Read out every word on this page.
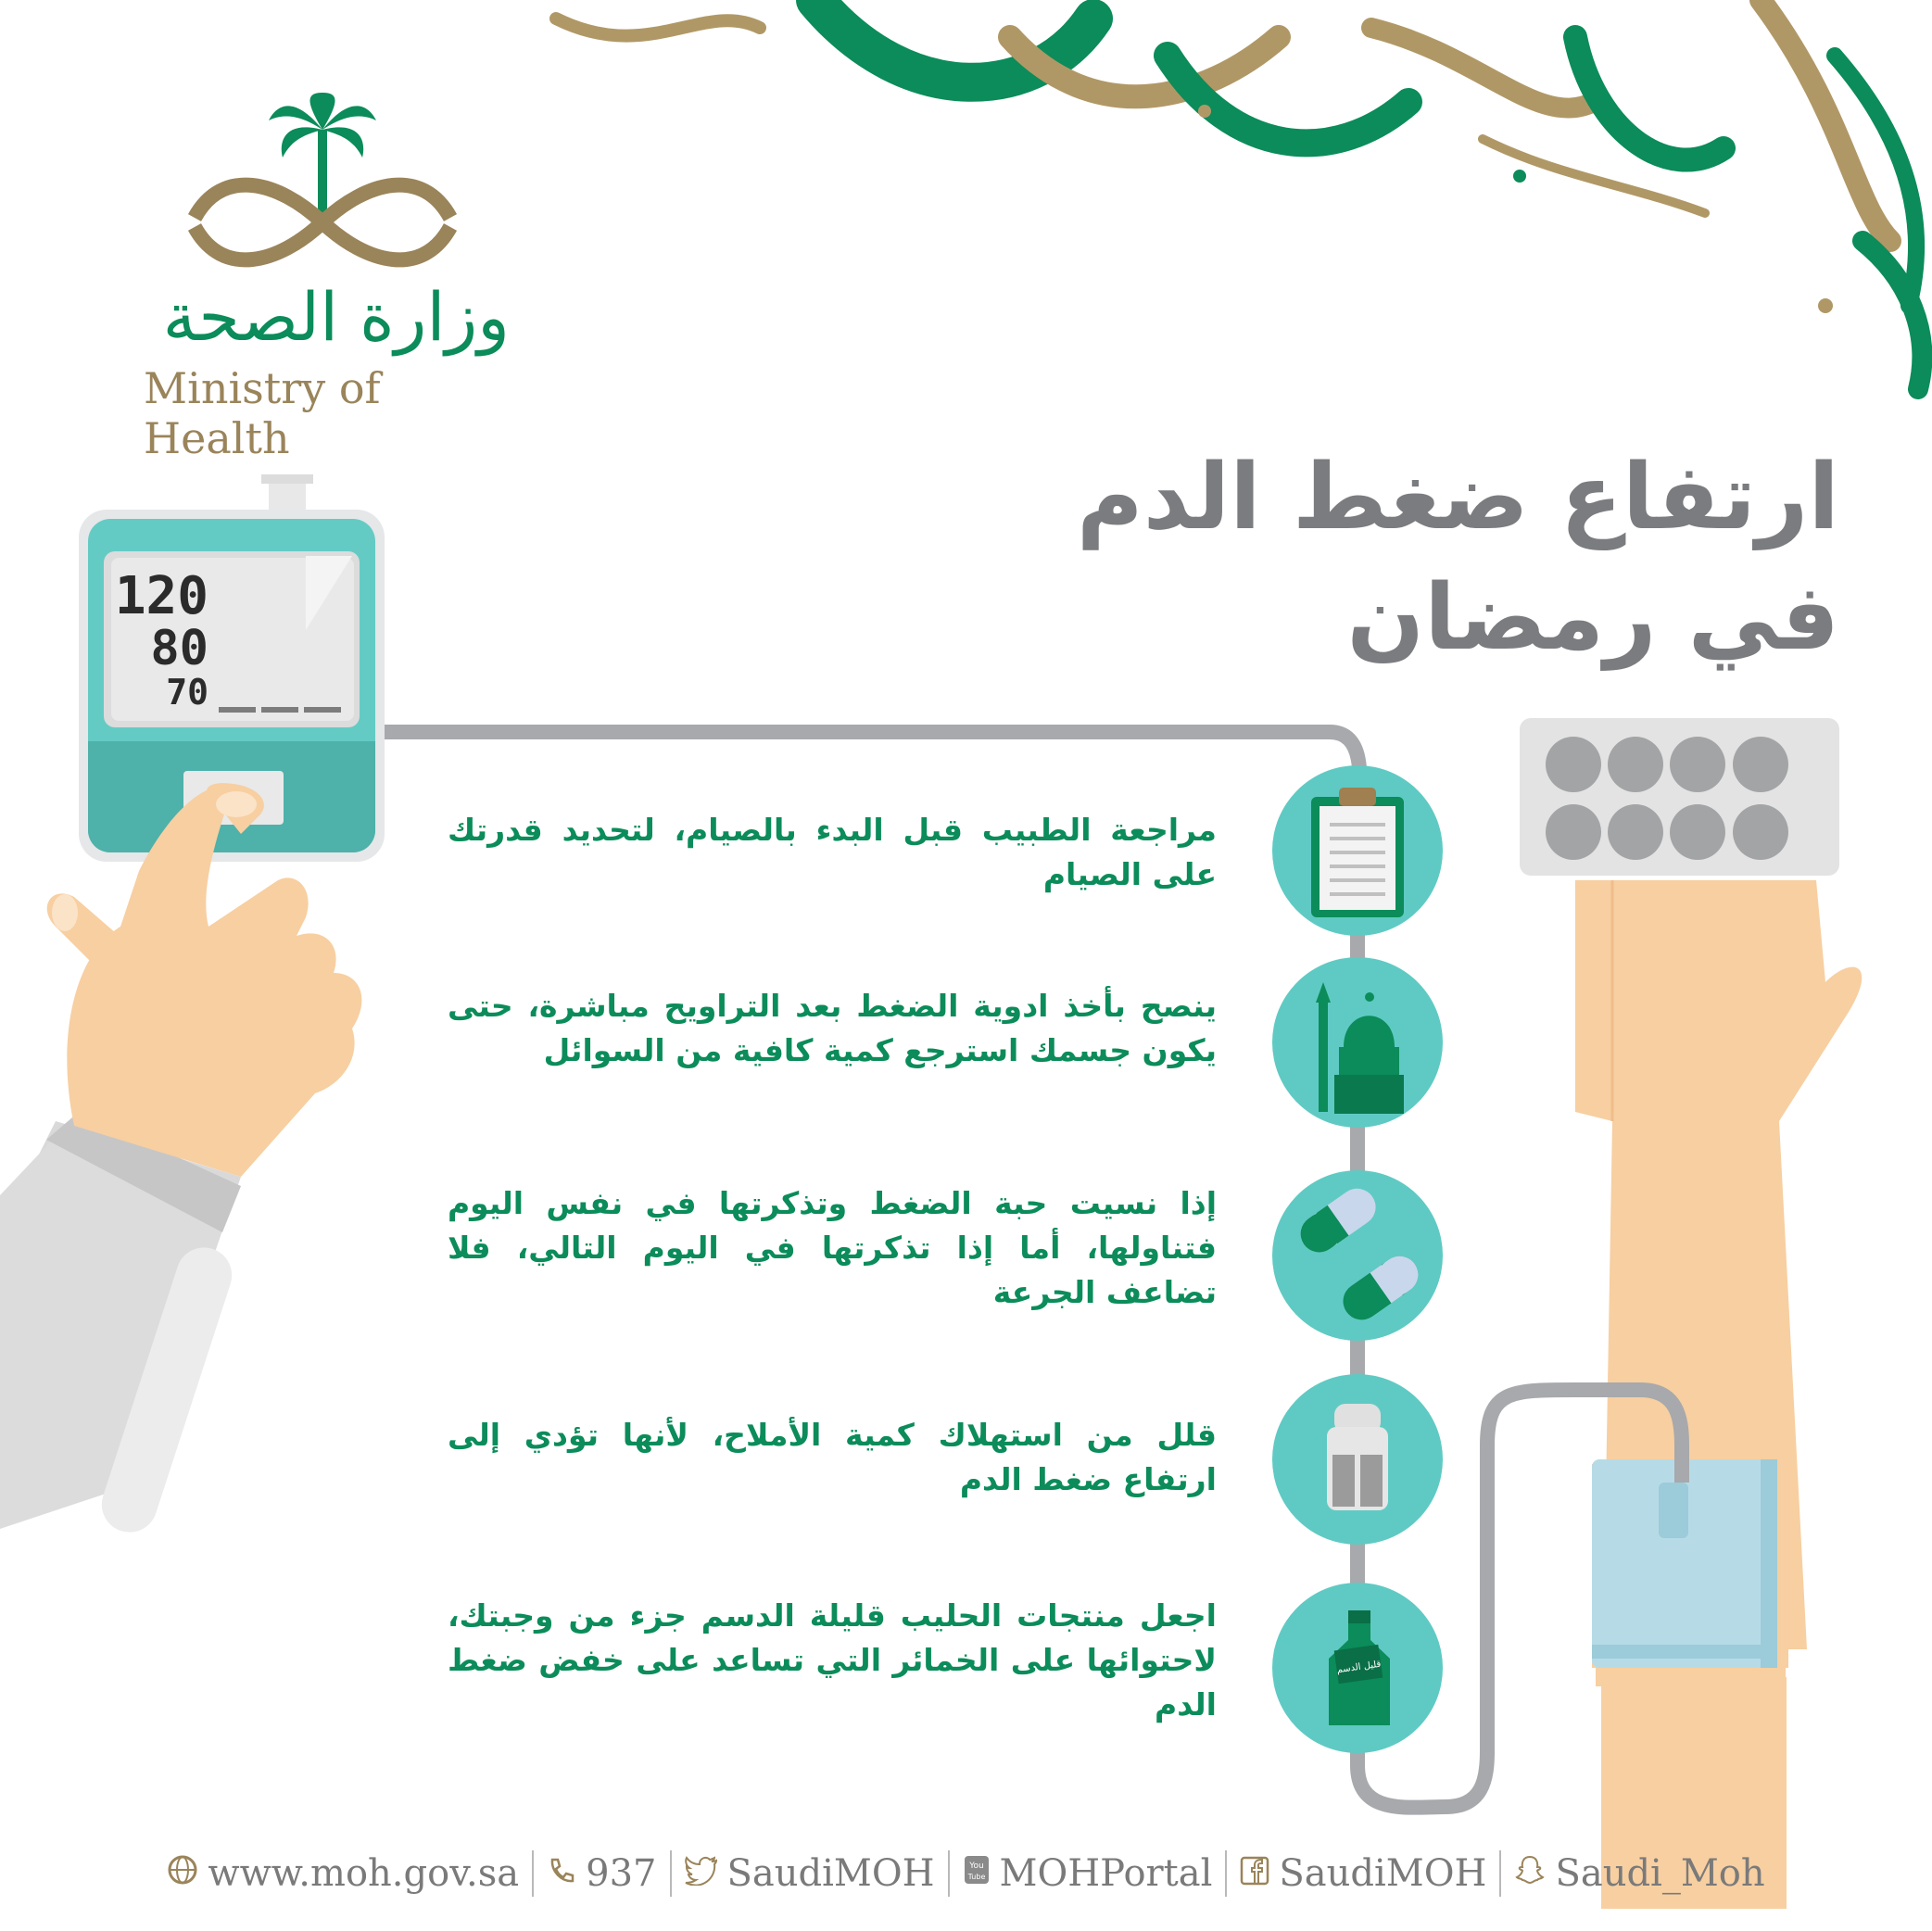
120
80
70
قليل الدسم
وزارة الصحة
Ministry of Health
ارتفاع ضغط الدم
في رمضان
مراجعة الطبيب قبل البدء بالصيام، لتحديد قدرتك على الصيام
ينصح بأخذ ادوية الضغط بعد التراويح مباشرة، حتى يكون جسمك استرجع كمية كافية من السوائل
إذا نسيت حبة الضغط وتذكرتها في نفس اليوم فتناولها، أما إذا تذكرتها في اليوم التالي، فلا تضاعف الجرعة
قلل من استهلاك كمية الأملاح، لأنها تؤدي إلى ارتفاع ضغط الدم
اجعل منتجات الحليب قليلة الدسم جزء من وجبتك، لاحتوائها على الخمائر التي تساعد على خفض ضغط الدم
www.moh.gov.sa 937 SaudiMOH	You
Tube MOHPortal SaudiMOH Saudi_Moh
